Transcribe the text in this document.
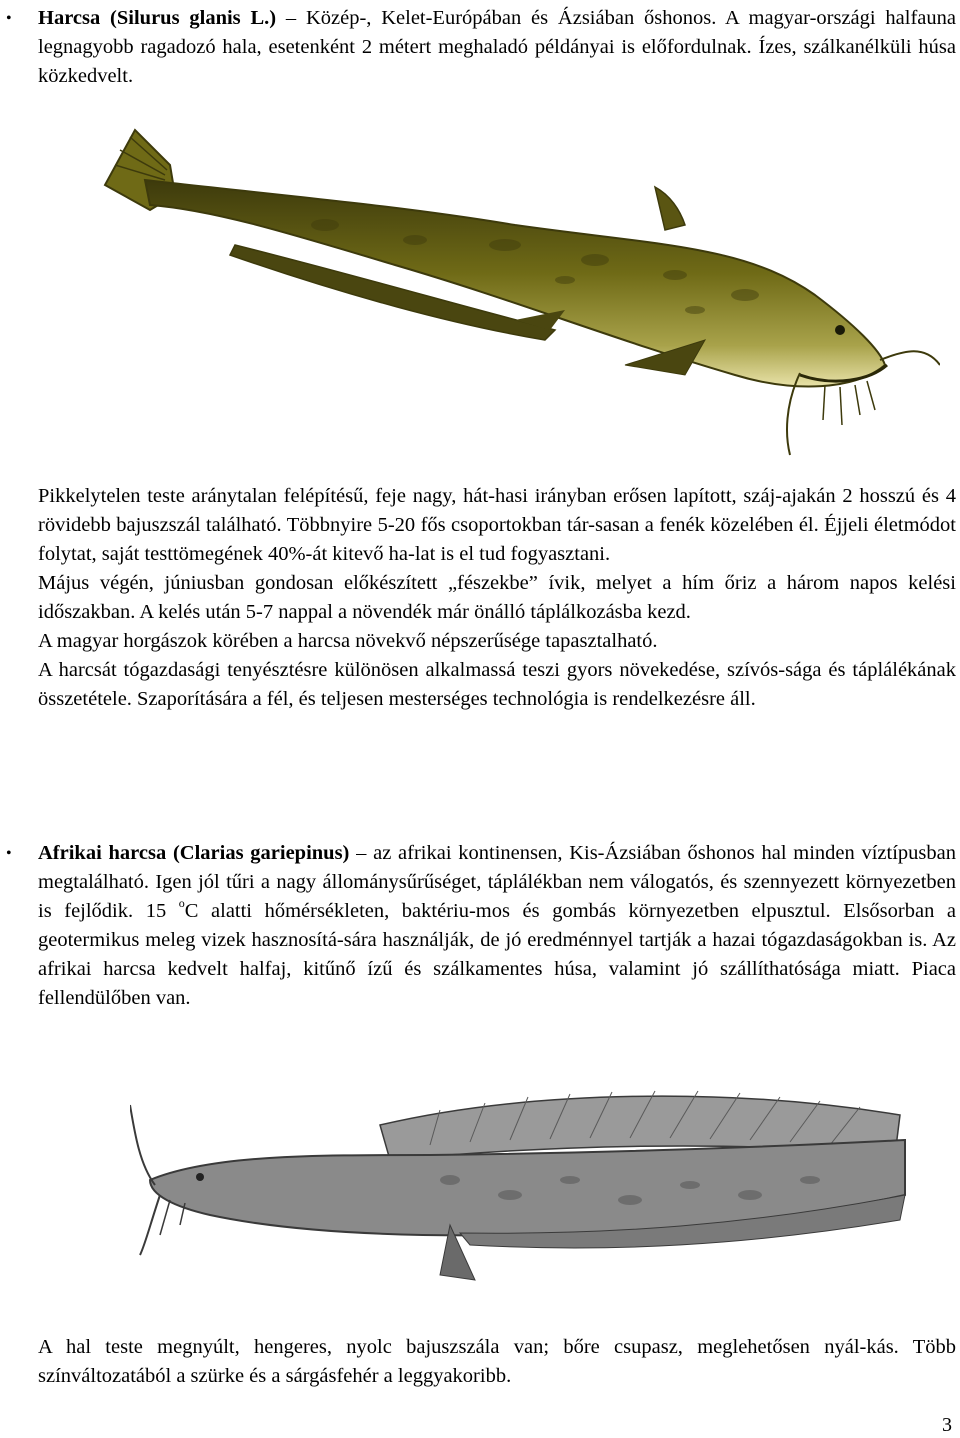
• Harcsa (Silurus glanis L.) – Közép-, Kelet-Európában és Ázsiában őshonos. A magyar-országi halfauna legnagyobb ragadozó hala, esetenként 2 métert meghaladó példányai is előfordulnak. Ízes, szálkanélküli húsa közkedvelt.
Pikkelytelen teste aránytalan felépítésű, feje nagy, hát-hasi irányban erősen lapított, száj-ajakán 2 hosszú és 4 rövidebb bajuszszál található. Többnyire 5-20 fős csoportokban tár-sasan a fenék közelében él. Éjjeli életmódot folytat, saját testtömegének 40%-át kitevő ha-lat is el tud fogyasztani.
Május végén, júniusban gondosan előkészített „fészekbe” ívik, melyet a hím őriz a három napos kelési időszakban. A kelés után 5-7 nappal a növendék már önálló táplálkozásba kezd.
A magyar horgászok körében a harcsa növekvő népszerűsége tapasztalható.
A harcsát tógazdasági tenyésztésre különösen alkalmassá teszi gyors növekedése, szívós-sága és táplálékának összetétele. Szaporítására a fél, és teljesen mesterséges technológia is rendelkezésre áll.
• Afrikai harcsa (Clarias gariepinus) – az afrikai kontinensen, Kis-Ázsiában őshonos hal minden víztípusban megtalálható. Igen jól tűri a nagy állománysűrűséget, táplálékban nem válogatós, és szennyezett környezetben is fejlődik. 15 $^o$C alatti hőmérsékleten, baktériu-mos és gombás környezetben elpusztul. Elsősorban a geotermikus meleg vizek hasznosítá-sára használják, de jó eredménnyel tartják a hazai tógazdaságokban is. Az afrikai harcsa kedvelt halfaj, kitűnő ízű és szálkamentes húsa, valamint jó szállíthatósága miatt. Piaca fellendülőben van.
A hal teste megnyúlt, hengeres, nyolc bajuszszála van; bőre csupasz, meglehetősen nyál-kás. Több színváltozatából a szürke és a sárgásfehér a leggyakoribb.
3
